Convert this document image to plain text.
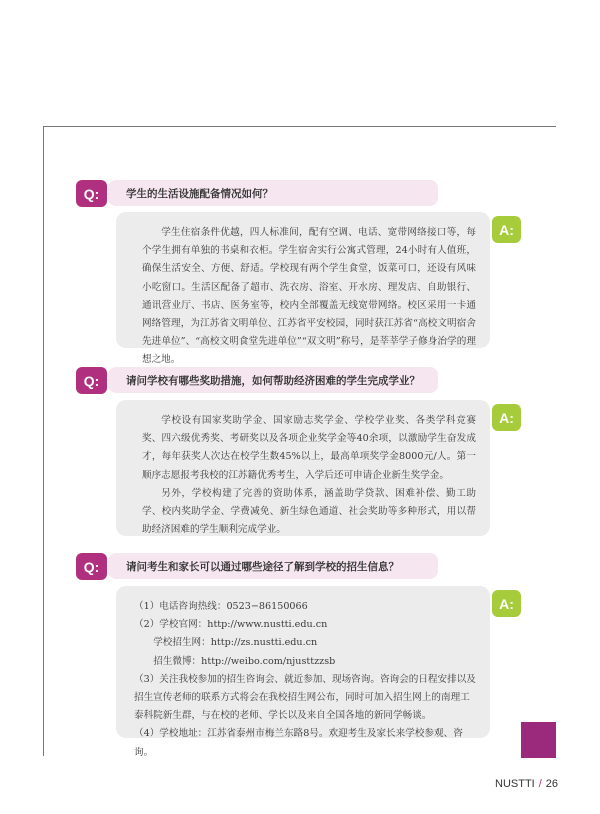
Q:	学生的生活设施配备情况如何？

学生住宿条件优越，四人标准间，配有空调、电话、宽带网络接口等，每个学生拥有单独的书桌和衣柜。学生宿舍实行公寓式管理，24小时有人值班，确保生活安全、方便、舒适。学校现有两个学生食堂，饭菜可口，还设有风味小吃窗口。生活区配备了超市、洗衣房、浴室、开水房、理发店、自助银行、通讯营业厅、书店、医务室等，校内全部覆盖无线宽带网络。校区采用一卡通网络管理，为江苏省文明单位、江苏省平安校园，同时获江苏省“高校文明宿舍先进单位”、“高校文明食堂先进单位”“双文明”称号，是莘莘学子修身治学的理想之地。

A:
Q:	请问学校有哪些奖助措施，如何帮助经济困难的学生完成学业？

学校设有国家奖助学金、国家励志奖学金、学校学业奖、各类学科竞赛奖、四六级优秀奖、考研奖以及各项企业奖学金等40余项，以激励学生奋发成才，每年获奖人次达在校学生数45%以上，最高单项奖学金8000元/人。第一顺序志愿报考我校的江苏籍优秀考生，入学后还可申请企业新生奖学金。

另外，学校构建了完善的资助体系，涵盖助学贷款、困难补偿、勤工助学、校内奖助学金、学费减免、新生绿色通道、社会奖助等多种形式，用以帮助经济困难的学生顺利完成学业。

A:
Q:	请问考生和家长可以通过哪些途径了解到学校的招生信息？
（1）电话咨询热线：0523−86150066
（2）学校官网：http://www.nustti.edu.cn
学校招生网：http://zs.nustti.edu.cn
招生微博：http://weibo.com/njusttzzsb
（3）关注我校参加的招生咨询会、就近参加、现场咨询。咨询会的日程安排以及招生宣传老师的联系方式将会在我校招生网公布，同时可加入招生网上的南理工泰科院新生群，与在校的老师、学长以及来自全国各地的新同学畅谈。
（4）学校地址：江苏省泰州市梅兰东路8号。欢迎考生及家长来学校参观、咨询。
A:
NUSTTI / 26
